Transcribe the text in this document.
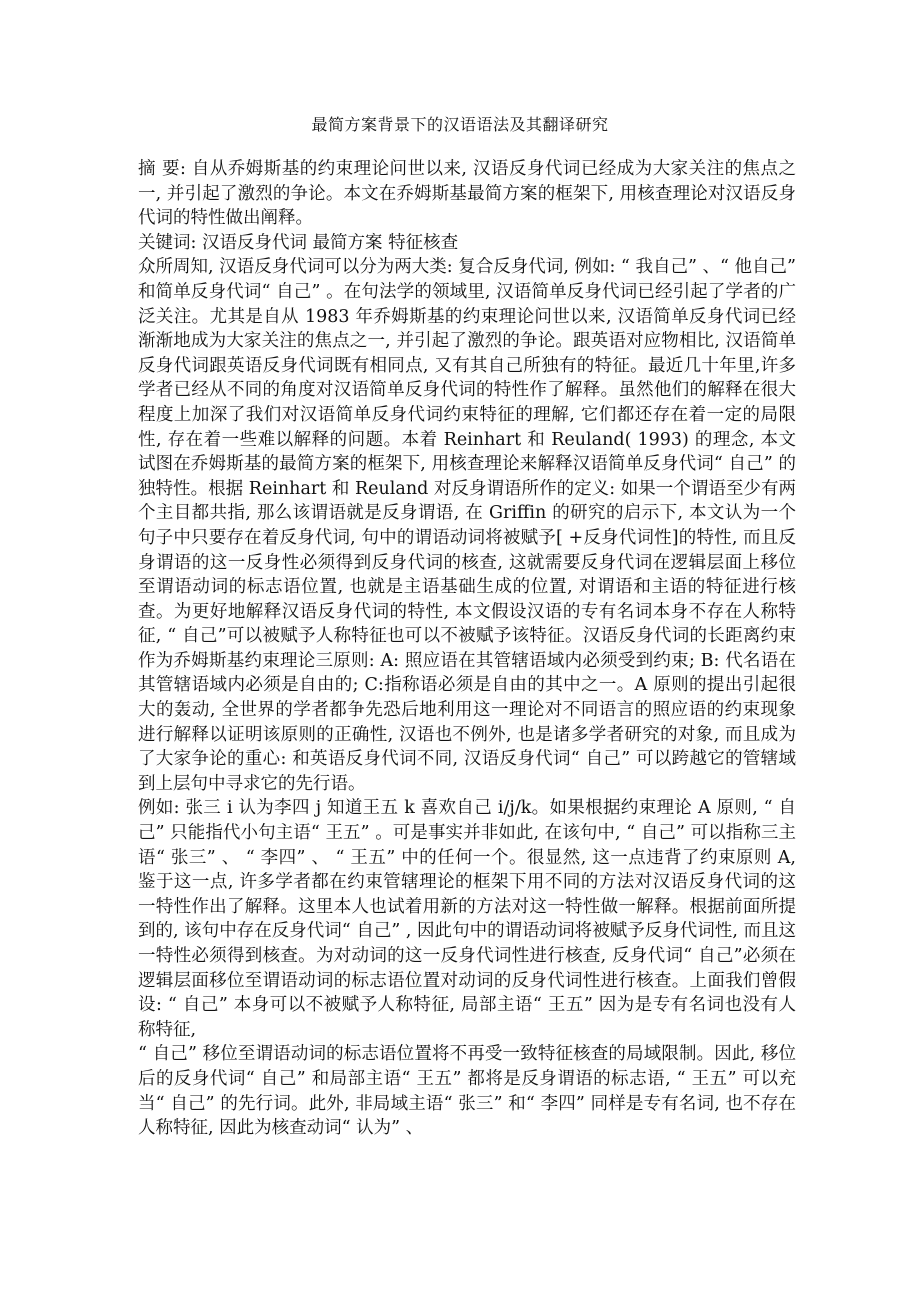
最简方案背景下的汉语语法及其翻译研究

摘 要: 自从乔姆斯基的约束理论问世以来, 汉语反身代词已经成为大家关注的焦点之一, 并引起了激烈的争论。本文在乔姆斯基最简方案的框架下, 用核查理论对汉语反身代词的特性做出阐释。

关键词: 汉语反身代词 最简方案 特征核查

众所周知, 汉语反身代词可以分为两大类: 复合反身代词, 例如: “ 我自己” 、“ 他自己” 和简单反身代词“ 自己” 。在句法学的领域里, 汉语简单反身代词已经引起了学者的广泛关注。尤其是自从 1983 年乔姆斯基的约束理论问世以来, 汉语简单反身代词已经渐渐地成为大家关注的焦点之一, 并引起了激烈的争论。跟英语对应物相比, 汉语简单反身代词跟英语反身代词既有相同点, 又有其自己所独有的特征。最近几十年里,许多学者已经从不同的角度对汉语简单反身代词的特性作了解释。虽然他们的解释在很大程度上加深了我们对汉语简单反身代词约束特征的理解, 它们都还存在着一定的局限性, 存在着一些难以解释的问题。本着 Reinhart 和 Reuland( 1993) 的理念, 本文试图在乔姆斯基的最简方案的框架下, 用核查理论来解释汉语简单反身代词“ 自己” 的独特性。根据 Reinhart 和 Reuland 对反身谓语所作的定义: 如果一个谓语至少有两个主目都共指, 那么该谓语就是反身谓语, 在 Griffin 的研究的启示下, 本文认为一个句子中只要存在着反身代词, 句中的谓语动词将被赋予[ +反身代词性]的特性, 而且反身谓语的这一反身性必须得到反身代词的核查, 这就需要反身代词在逻辑层面上移位至谓语动词的标志语位置, 也就是主语基础生成的位置, 对谓语和主语的特征进行核查。为更好地解释汉语反身代词的特性, 本文假设汉语的专有名词本身不存在人称特征, “ 自己”可以被赋予人称特征也可以不被赋予该特征。汉语反身代词的长距离约束作为乔姆斯基约束理论三原则: A: 照应语在其管辖语域内必须受到约束; B: 代名语在其管辖语域内必须是自由的; C:指称语必须是自由的其中之一。A 原则的提出引起很大的轰动, 全世界的学者都争先恐后地利用这一理论对不同语言的照应语的约束现象进行解释以证明该原则的正确性, 汉语也不例外, 也是诸多学者研究的对象, 而且成为了大家争论的重心: 和英语反身代词不同, 汉语反身代词“ 自己” 可以跨越它的管辖域到上层句中寻求它的先行语。

例如: 张三 i 认为李四 j 知道王五 k 喜欢自己 i/j/k。如果根据约束理论 A 原则, “ 自己” 只能指代小句主语“ 王五” 。可是事实并非如此, 在该句中, “ 自己” 可以指称三主语“ 张三” 、 “ 李四” 、 “ 王五” 中的任何一个。很显然, 这一点违背了约束原则 A, 鉴于这一点, 许多学者都在约束管辖理论的框架下用不同的方法对汉语反身代词的这一特性作出了解释。这里本人也试着用新的方法对这一特性做一解释。根据前面所提到的, 该句中存在反身代词“ 自己” , 因此句中的谓语动词将被赋予反身代词性, 而且这一特性必须得到核查。为对动词的这一反身代词性进行核查, 反身代词“ 自己”必须在逻辑层面移位至谓语动词的标志语位置对动词的反身代词性进行核查。上面我们曾假设: “ 自己” 本身可以不被赋予人称特征, 局部主语“ 王五” 因为是专有名词也没有人称特征,

“ 自己” 移位至谓语动词的标志语位置将不再受一致特征核查的局域限制。因此, 移位后的反身代词“ 自己” 和局部主语“ 王五” 都将是反身谓语的标志语, “ 王五” 可以充当“ 自己” 的先行词。此外, 非局域主语“ 张三” 和“ 李四” 同样是专有名词, 也不存在人称特征, 因此为核查动词“ 认为” 、
